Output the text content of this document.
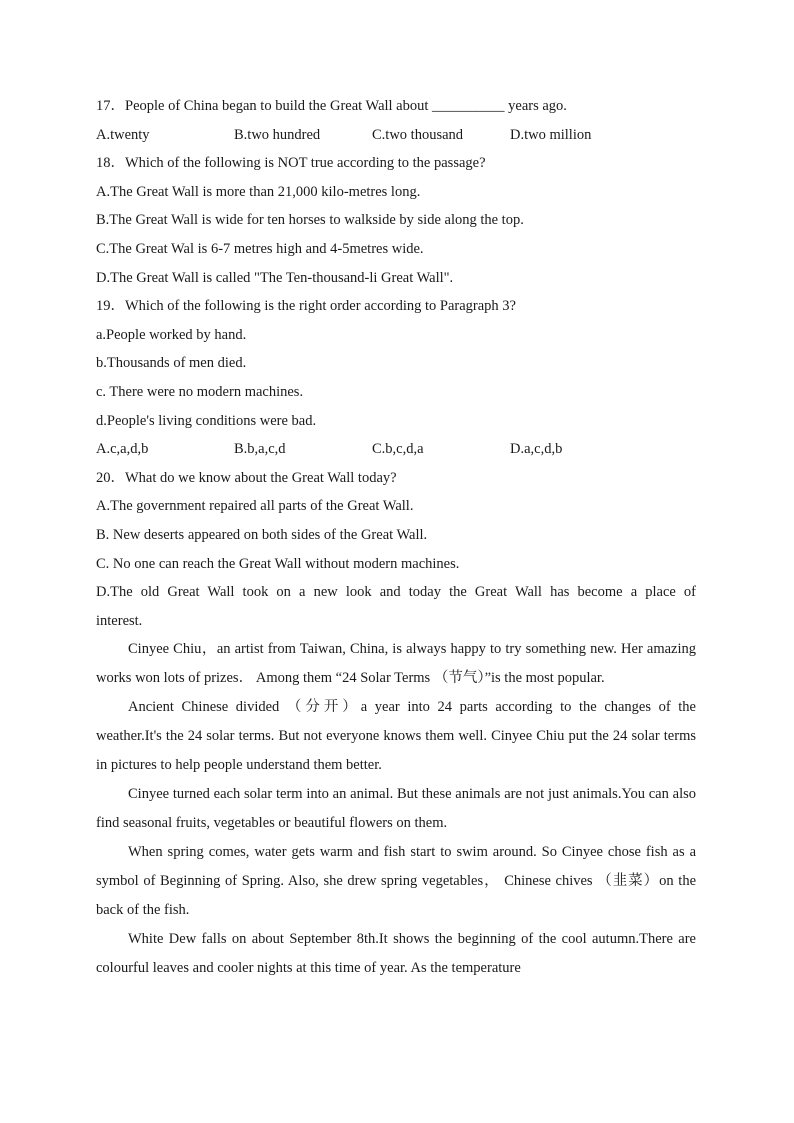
17．People of China began to build the Great Wall about __________ years ago.
A.twenty	B.two hundred	C.two thousand	D.two million
18．Which of the following is NOT true according to the passage?
A.The Great Wall is more than 21,000 kilo-metres long.
B.The Great Wall is wide for ten horses to walkside by side along the top.
C.The Great Wal is 6-7 metres high and 4-5metres wide.
D.The Great Wall is called "The Ten-thousand-li Great Wall".
19．Which of the following is the right order according to Paragraph 3?
a.People worked by hand.
b.Thousands of men died.
c. There were no modern machines.
d.People's living conditions were bad.
A.c,a,d,b	B.b,a,c,d	C.b,c,d,a	D.a,c,d,b
20．What do we know about the Great Wall today?
A.The government repaired all parts of the Great Wall.
B. New deserts appeared on both sides of the Great Wall.
C. No one can reach the Great Wall without modern machines.
D.The old Great Wall took on a new look and today the Great Wall has become a place of
interest.

Cinyee Chiu，an artist from Taiwan, China, is always happy to try something new. Her amazing works won lots of prizes． Among them “24 Solar Terms （节气）”is the most popular.

Ancient Chinese divided （分开）a year into 24 parts according to the changes of the weather.It's the 24 solar terms. But not everyone knows them well. Cinyee Chiu put the 24 solar terms in pictures to help people understand them better.

Cinyee turned each solar term into an animal. But these animals are not just animals.You can also find seasonal fruits, vegetables or beautiful flowers on them.

When spring comes, water gets warm and fish start to swim around. So Cinyee chose fish as a symbol of Beginning of Spring. Also, she drew spring vegetables， Chinese chives （韭菜）on the back of the fish.

White Dew falls on about September 8th.It shows the beginning of the cool autumn.There are colourful leaves and cooler nights at this time of year. As the temperature
